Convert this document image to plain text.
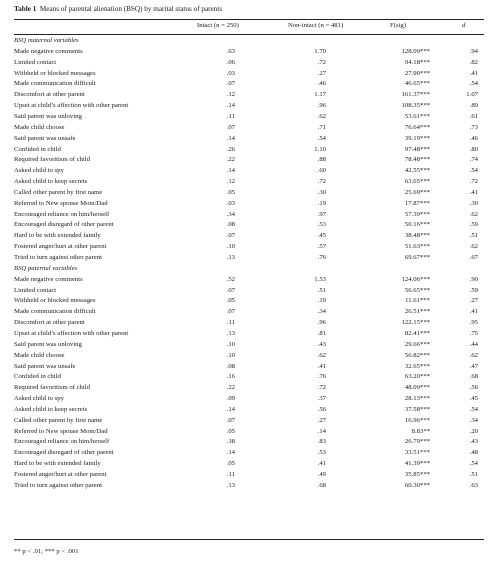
Table 1 Means of parental alienation (BSQ) by marital status of parents
Intact (n = 250)	Non-intact (n = 481)	F(sig)	d
BSQ maternal variables
Made negative comments	.63	1.70	128.09***	.94
Limited contact	.06	.72	94.18***	.82
Withheld or blocked messages	.03	.27	27.90***	.41
Made communication difficult	.07	.46	46.65***	.54
Discomfort at other parent	.12	1.17	161.37***	1.07
Upset at child’s affection with other parent	.14	.96	108.35***	.89
Said parent was unloving	.11	.62	53.61***	.61
Made child choose	.07	.71	76.64***	.73
Said parent was unsafe	.14	.54	39.19***	.46
Confided in child	.26	1.10	97.48***	.80
Required favoritism of child	.22	.88	78.48***	.74
Asked child to spy	.14	.60	42.55***	.54
Asked child to keep secrets	.12	.72	63.65***	.72
Called other parent by first name	.05	.30	25.69***	.41
Referred to New spouse Mom/Dad	.03	.19	17.87***	.30
Encouraged reliance on him/herself	.34	.97	57.39***	.62
Encouraged disregard of other parent	.08	.53	50.16***	.59
Hard to be with extended family	.07	.45	38.48***	.51
Fostered anger/hurt at other parent	.10	.57	51.63***	.62
Tried to turn against other parent	.13	.76	69.67***	.67
BSQ paternal variables
Made negative comments	.52	1.53	124.06***	.90
Limited contact	.07	.51	56.65***	.59
Withheld or blocked messages	.05	.19	11.61***	.27
Made communication difficult	.07	.34	26.51***	.41
Discomfort at other parent	.11	.96	122.15***	.95
Upset at child’s affection with other parent	.13	.81	82.41***	.75
Said parent was unloving	.10	.43	29.66***	.44
Made child choose	.10	.62	56.82***	.62
Said parent was unsafe	.08	.41	32.65***	.47
Confided in child	.16	.76	63.20***	.68
Required favoritism of child	.22	.72	48.09***	.56
Asked child to spy	.09	.37	28.13***	.45
Asked child to keep secrets	.14	.56	37.58***	.54
Called other parent by first name	.07	.27	16.96***	.34
Referred to New spouse Mom/Dad	.05	.14	8.83**	.20
Encouraged reliance on him/herself	.38	.83	26.79***	.43
Encouraged disregard of other parent	.14	.53	33.51***	.48
Hard to be with extended family	.05	.41	41.39***	.54
Fostered anger/hurt at other parent	.11	.49	35.85***	.51
Tried to turn against other parent	.13	.68	60.30***	.63
** p < .01; *** p < .001
